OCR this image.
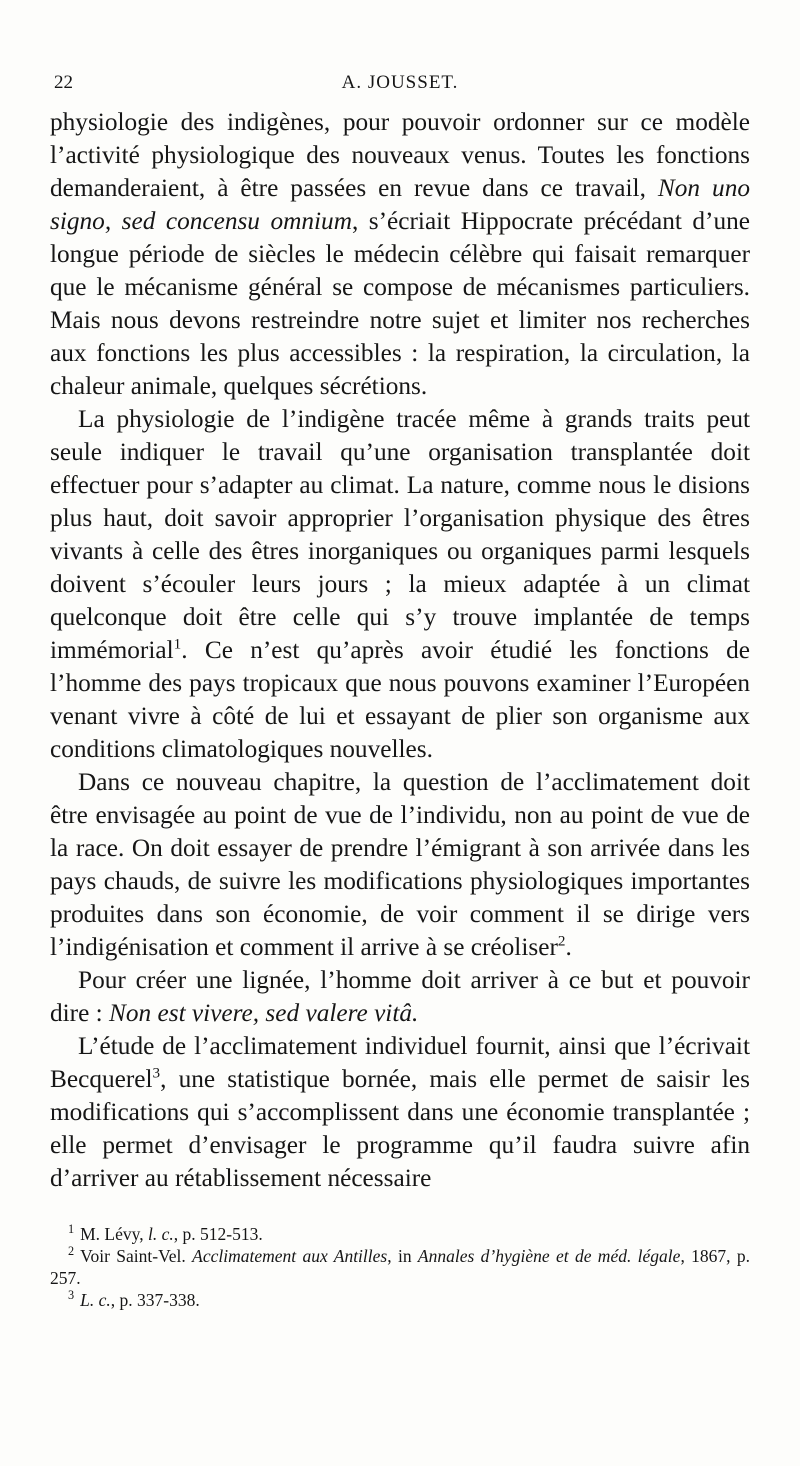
22	A. JOUSSET.

physiologie des indigènes, pour pouvoir ordonner sur ce modèle l’activité physiologique des nouveaux venus. Toutes les fonctions demanderaient, à être passées en revue dans ce travail, Non uno signo, sed concensu omnium, s’écriait Hippocrate précédant d’une longue période de siècles le médecin célèbre qui faisait remarquer que le mécanisme général se compose de mécanismes particuliers. Mais nous devons restreindre notre sujet et limiter nos recherches aux fonctions les plus accessibles : la respiration, la circulation, la chaleur animale, quelques sécrétions.

La physiologie de l’indigène tracée même à grands traits peut seule indiquer le travail qu’une organisation transplantée doit effectuer pour s’adapter au climat. La nature, comme nous le disions plus haut, doit savoir approprier l’organisation physique des êtres vivants à celle des êtres inorganiques ou organiques parmi lesquels doivent s’écouler leurs jours ; la mieux adaptée à un climat quelconque doit être celle qui s’y trouve implantée de temps immémorial$^1$. Ce n’est qu’après avoir étudié les fonctions de l’homme des pays tropicaux que nous pouvons examiner l’Européen venant vivre à côté de lui et essayant de plier son organisme aux conditions climatologiques nouvelles.

Dans ce nouveau chapitre, la question de l’acclimatement doit être envisagée au point de vue de l’individu, non au point de vue de la race. On doit essayer de prendre l’émigrant à son arrivée dans les pays chauds, de suivre les modifications physiologiques importantes produites dans son économie, de voir comment il se dirige vers l’indigénisation et comment il arrive à se créoliser$^2$.

Pour créer une lignée, l’homme doit arriver à ce but et pouvoir dire : Non est vivere, sed valere vitâ.

L’étude de l’acclimatement individuel fournit, ainsi que l’écrivait Becquerel$^3$, une statistique bornée, mais elle permet de saisir les modifications qui s’accomplissent dans une économie transplantée ; elle permet d’envisager le programme qu’il faudra suivre afin d’arriver au rétablissement nécessaire

$^1$ M. Lévy, l. c., p. 512-513.

$^2$ Voir Saint-Vel. Acclimatement aux Antilles, in Annales d’hygiène et de méd. légale, 1867, p. 257.

$^3$ L. c., p. 337-338.
